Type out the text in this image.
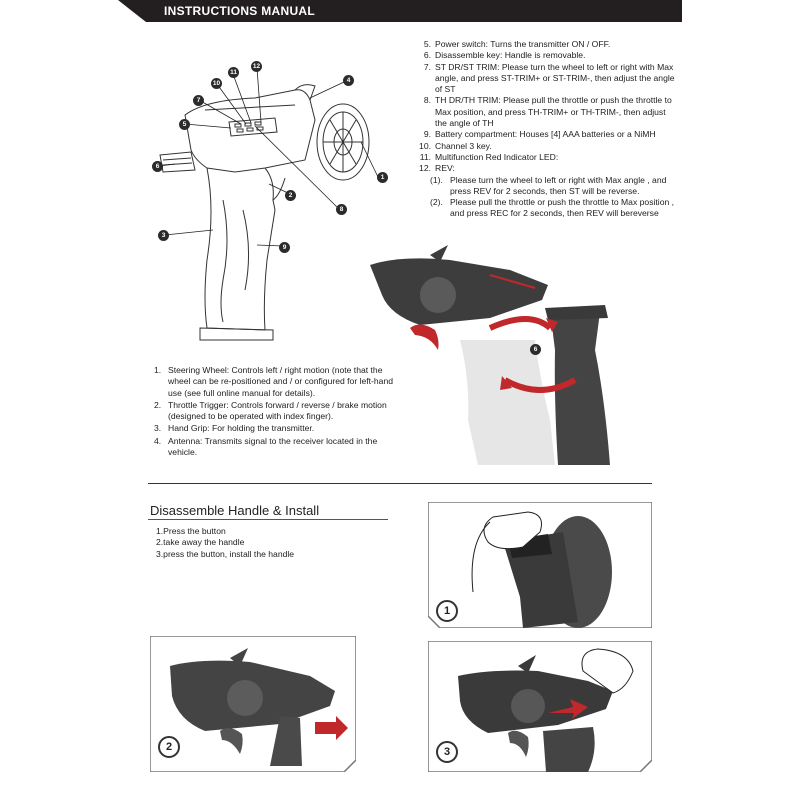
INSTRUCTIONS MANUAL
1
2
3
4
5
6
7
8
9
10
11
12
5. Power switch: Turns the transmitter ON / OFF.
6. Disassemble key: Handle is removable.
7. ST DR/ST TRIM: Please turn the wheel to left or right with Max angle, and press ST-TRIM+ or ST-TRIM-, then adjust the angle of ST
8. TH DR/TH TRIM: Please pull the throttle or push the throttle to Max position, and press TH-TRIM+ or TH-TRIM-, then adjust the angle of TH
9. Battery compartment: Houses [4] AAA batteries or a NiMH
10. Channel 3 key.
11. Multifunction Red Indicator LED:
12. REV:
(1). Please turn the wheel to left or right with Max angle , and press REV for 2 seconds, then ST will be reverse.
(2). Please pull the throttle or push the throttle to Max position , and press REC for 2 seconds, then REV will bereverse
6
1. Steering Wheel: Controls left / right motion (note that the wheel can be re-positioned and / or configured for left-hand use (see full online manual for details).
2. Throttle Trigger: Controls forward / reverse / brake motion (designed to be operated with index finger).
3. Hand Grip: For holding the transmitter.
4. Antenna: Transmits signal to the receiver located in the vehicle.
Disassemble Handle & Install
1.Press the button
2.take away the handle
3.press the button, install the handle
1
2	3
